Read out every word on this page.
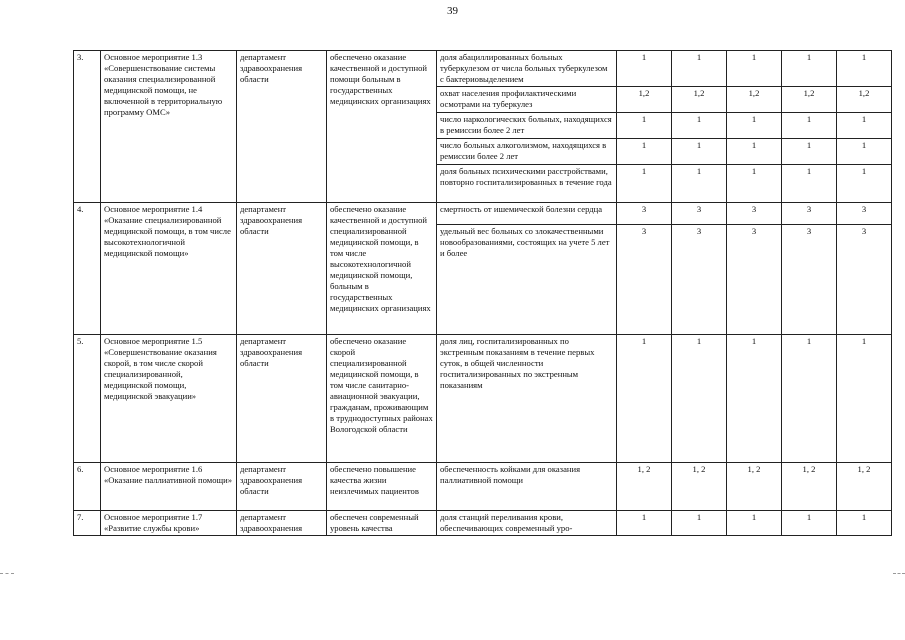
39
3.	Основное мероприятие 1.3 «Совершенствование системы оказания специализированной медицинской помощи, не включенной в территориальную программу ОМС»	департамент здравоохранения области	обеспечено оказание качественной и доступной помощи больным в государственных медицинских организациях	доля абациллированных больных туберкулезом от числа больных туберкулезом с бактериовыделением	1	1	1	1	1
				охват населения профилактическими осмотрами на туберкулез	1,2	1,2	1,2	1,2	1,2
				число наркологических больных, находящихся в ремиссии более 2 лет	1	1	1	1	1
				число больных алкоголизмом, находящихся в ремиссии более 2 лет	1	1	1	1	1
				доля больных психическими расстройствами, повторно госпитализированных в течение года	1	1	1	1	1
4.	Основное мероприятие 1.4 «Оказание специализированной медицинской помощи, в том числе высокотехнологичной медицинской помощи»	департамент здравоохранения области	обеспечено оказание качественной и доступной специализированной медицинской помощи, в том числе высокотехнологичной медицинской помощи, больным в государственных медицинских организациях	смертность от ишемической болезни сердца	3	3	3	3	3
				удельный вес больных со злокачественными новообразованиями, состоящих на учете 5 лет и более	3	3	3	3	3
5.	Основное мероприятие 1.5 «Совершенствование оказания скорой, в том числе скорой специализированной, медицинской помощи, медицинской эвакуации»	департамент здравоохранения области	обеспечено оказание скорой специализированной медицинской помощи, в том числе санитарно-авиационной эвакуации, гражданам, проживающим в труднодоступных районах Вологодской области	доля лиц, госпитализированных по экстренным показаниям в течение первых суток, в общей численности госпитализированных по экстренным показаниям	1	1	1	1	1
6.	Основное мероприятие 1.6 «Оказание паллиативной помощи»	департамент здравоохранения области	обеспечено повышение качества жизни неизлечимых пациентов	обеспеченность койками для оказания паллиативной помощи	1, 2	1, 2	1, 2	1, 2	1, 2
7.	Основное мероприятие 1.7 «Развитие службы крови»	департамент здравоохранения	обеспечен современный уровень качества	доля станций переливания крови, обеспечивающих современный уро-	1	1	1	1	1
